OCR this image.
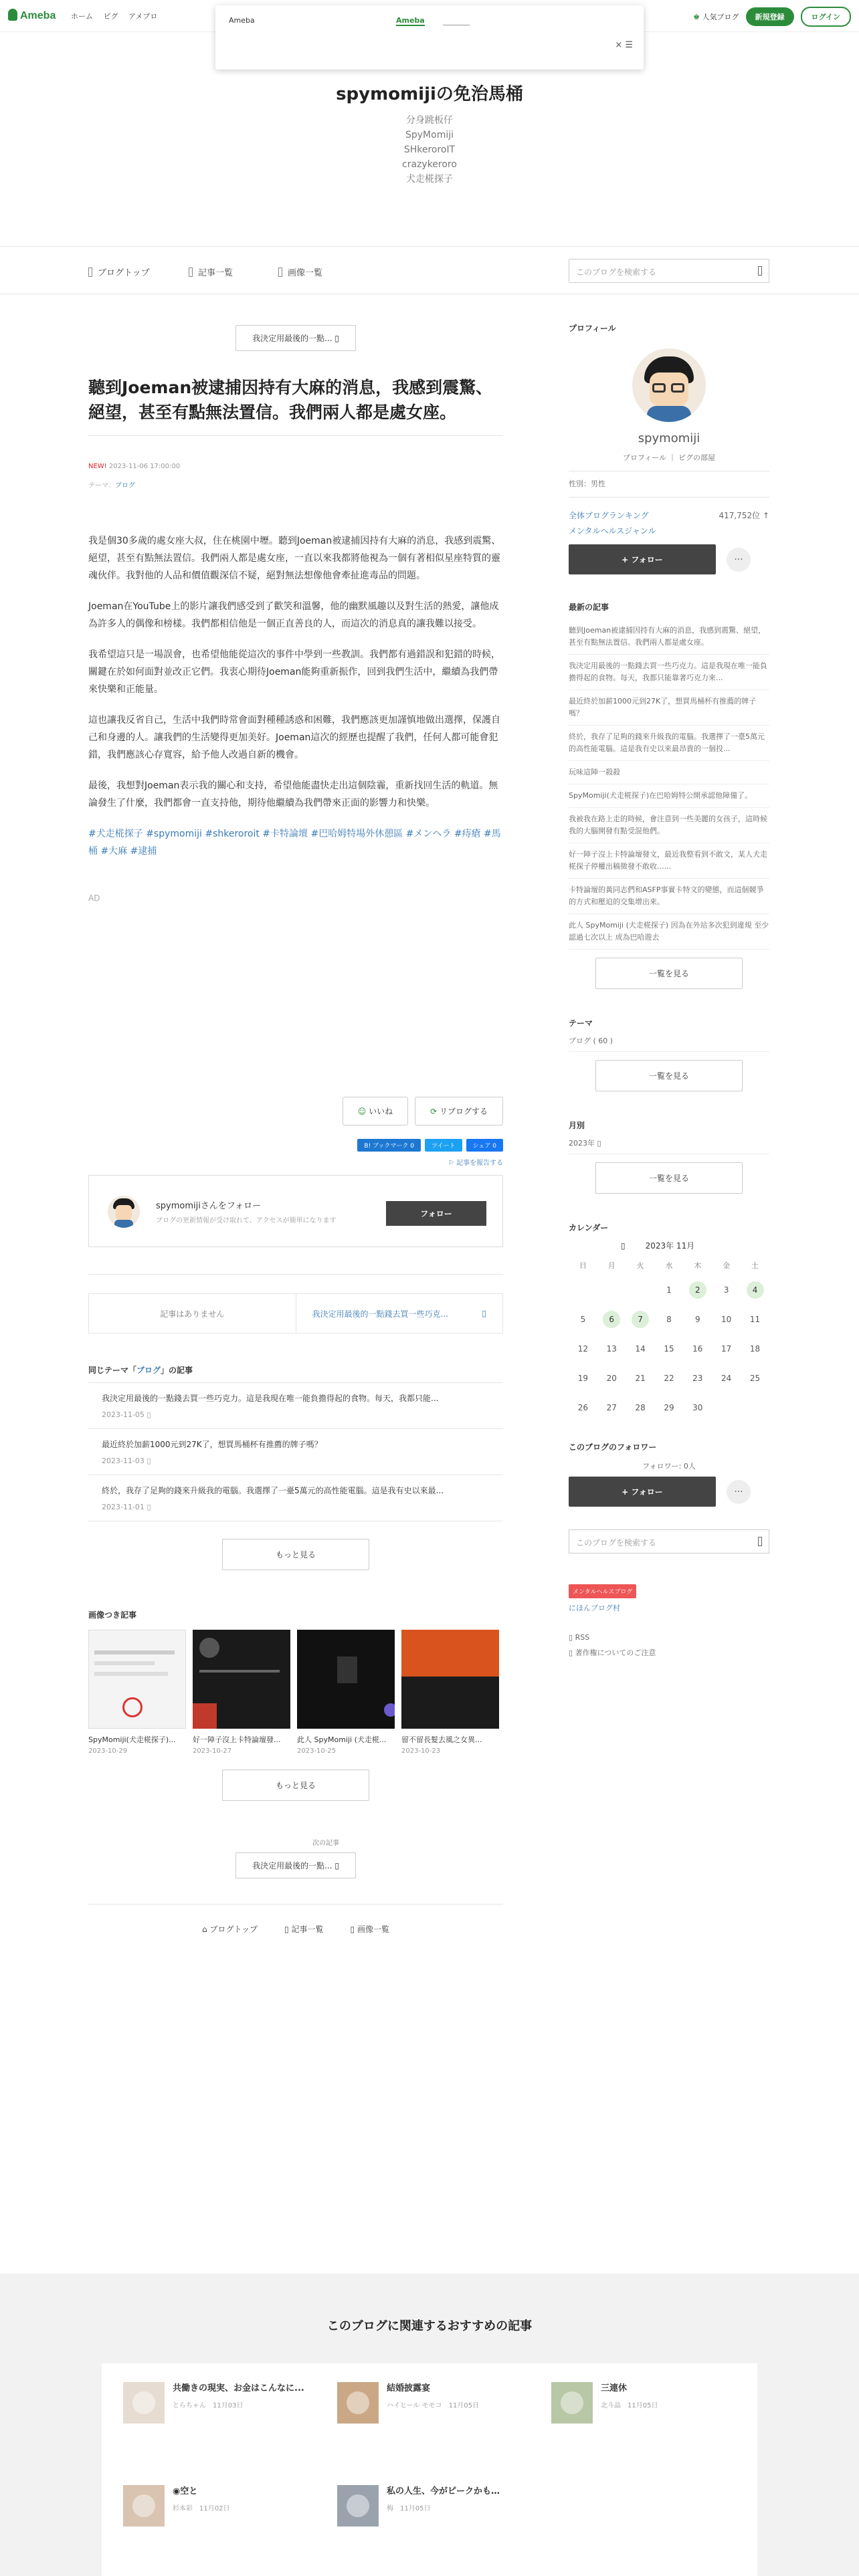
Ameba ホーム ピグ アメブロ	♚ 人気ブログ	新規登録	ログイン
Ameba	Ameba
× ☰
spymomijiの免治馬桶
分身跳板仔
SpyMomiji
SHkeroroIT
crazykeroro
犬走椛探子
ブログトップ	記事一覧	画像一覧	このブログを検索する
我決定用最後的一點... ▯
聽到Joeman被逮捕因持有大麻的消息，我感到震驚、絕望，甚至有點無法置信。我們兩人都是處女座。
NEW! 2023-11-06 17:00:00
テーマ：ブログ

我是個30多歲的處女座大叔，住在桃園中壢。聽到Joeman被逮捕因持有大麻的消息，我感到震驚、絕望，甚至有點無法置信。我們兩人都是處女座，一直以來我都將他視為一個有著相似星座特質的靈魂伙伴。我對他的人品和價值觀深信不疑，絕對無法想像他會牽扯進毒品的問題。

Joeman在YouTube上的影片讓我們感受到了歡笑和溫馨，他的幽默風趣以及對生活的熱愛，讓他成為許多人的偶像和榜樣。我們都相信他是一個正直善良的人，而這次的消息真的讓我難以接受。

我希望這只是一場誤會，也希望他能從這次的事件中學到一些教訓。我們都有過錯誤和犯錯的時候，關鍵在於如何面對並改正它們。我衷心期待Joeman能夠重新振作，回到我們生活中，繼續為我們帶來快樂和正能量。

這也讓我反省自己，生活中我們時常會面對種種誘惑和困難，我們應該更加謹慎地做出選擇，保護自己和身邊的人。讓我們的生活變得更加美好。Joeman這次的經歷也提醒了我們，任何人都可能會犯錯，我們應該心存寬容，給予他人改過自新的機會。

最後，我想對Joeman表示我的關心和支持，希望他能盡快走出這個陰霾，重新找回生活的軌道。無論發生了什麼，我們都會一直支持他，期待他繼續為我們帶來正面的影響力和快樂。

#犬走椛探子 #spymomiji #shkeroroit #卡特論壇 #巴哈姆特場外休憩區 #メンヘラ #痔瘡 #馬桶 #大麻 #逮捕
AD
☺ いいね	⟳ リブログする
B! ブックマーク 0	ツイート	シェア 0
⚐ 記事を報告する
spymomijiさんをフォロー
ブログの更新情報が受け取れて、アクセスが簡単になります
フォロー
記事はありません	我決定用最後的一點錢去買一些巧克...	▯
同じテーマ「ブログ」の記事
我決定用最後的一點錢去買一些巧克力。這是我現在唯一能負擔得起的食物。每天，我都只能...
2023-11-05 ▯
最近終於加薪1000元到27K了，想買馬桶杯有推薦的牌子嗎？
2023-11-03 ▯
終於，我存了足夠的錢來升級我的電腦。我選擇了一臺5萬元的高性能電腦。這是我有史以來最...
2023-11-01 ▯
もっと見る
画像つき記事
SpyMomiji(犬走椛探子)...
2023-10-29
好一陣子沒上卡特論壇發...
2023-10-27
此人 SpyMomiji (犬走椛...
2023-10-25
留不留長髮去風之女異...
2023-10-23
もっと見る
次の記事
我決定用最後的一點... ▯
⌂ ブログトップ	▯ 記事一覧	▯ 画像一覧
プロフィール
spymomiji
プロフィール ｜ ピグの部屋
性別：男性
全体ブログランキング	417,752位 ↑
メンタルヘルスジャンル
+ フォロー	···
最新の記事
聽到Joeman被逮捕因持有大麻的消息，我感到震驚、絕望，甚至有點無法置信。我們兩人都是處女座。
我決定用最後的一點錢去買一些巧克力。這是我現在唯一能負擔得起的食物。每天，我都只能靠著巧克力來...
最近終於加薪1000元到27K了，想買馬桶杯有推薦的牌子嗎？
終於，我存了足夠的錢來升級我的電腦。我選擇了一臺5萬元的高性能電腦。這是我有史以來最昂貴的一個投...
玩味這陣一殺殺
SpyMomiji(犬走椛探子)在巴哈姆特公開承認他障僮了。
我被我在路上走的時候，會注意到一些美麗的女孩子，這時候我的大腦開發有點受混他們。
好一陣子沒上卡特論壇發文，最近我整看到不敢文，某人犬走椛探子停權出稿徵發不敢收......
卡特論壇的黃同志們和ASFP事實卡特文的變態，而這個競爭的方式和壓迫的交集增出來。
此人 SpyMomiji (犬走椛探子) 因為在外站多次犯到違規 至少認過七次以上 成為巴哈遊去
一覧を見る
テーマ
ブログ ( 60 )
一覧を見る
月別
2023年 ▯
一覧を見る
カレンダー
▯	2023年 11月
日	月	火	水	木	金	土
			1	2	3	4
5	6	7	8	9	10	11
12	13	14	15	16	17	18
19	20	21	22	23	24	25
26	27	28	29	30		
このブログのフォロワー
フォロワー: 0人
+ フォロー	···
このブログを検索する
メンタルヘルスブログ
にほんブログ村
▯ RSS
▯ 著作権についてのご注意
このブログに関連するおすすめの記事
共働きの現実、お金はこんなに...
とらちゃん　11月03日
結婚披露宴
ハイヒール モモコ　11月05日
三連休
北斗晶　11月05日
◉空と
杉本彩　11月02日
私の人生、今がピークかも…
梅　11月05日
